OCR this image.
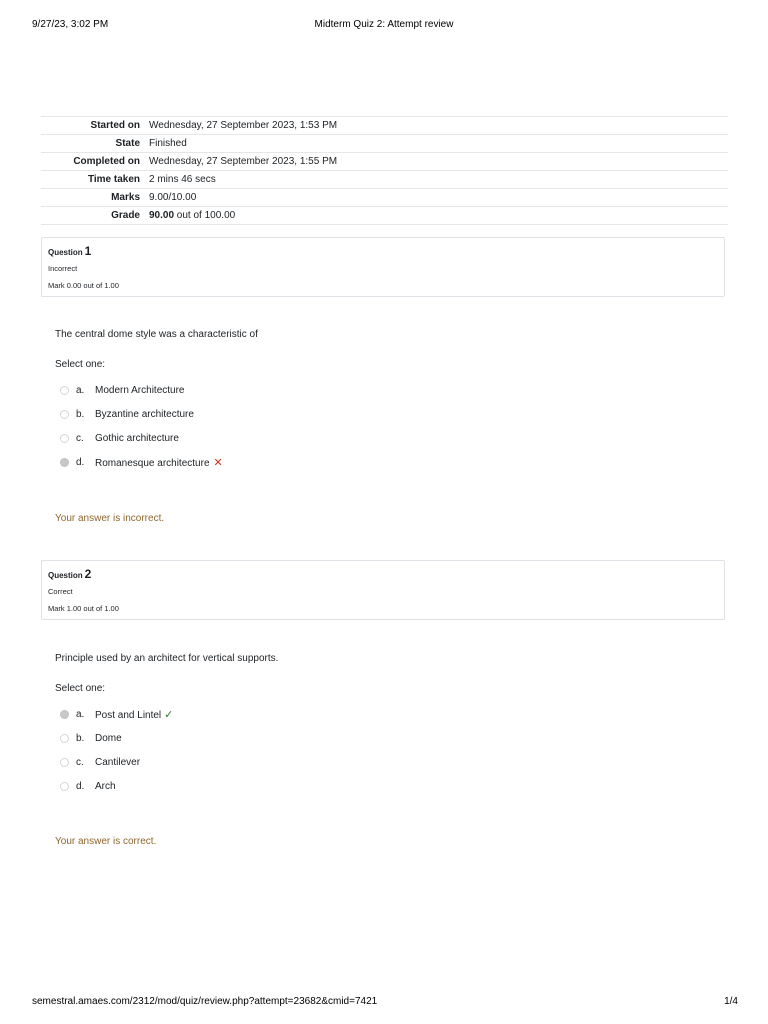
9/27/23, 3:02 PM	Midterm Quiz 2: Attempt review
Started on	Wednesday, 27 September 2023, 1:53 PM
State	Finished
Completed on	Wednesday, 27 September 2023, 1:55 PM
Time taken	2 mins 46 secs
Marks	9.00/10.00
Grade	90.00 out of 100.00
Question 1
Incorrect
Mark 0.00 out of 1.00
The central dome style was a characteristic of
Select one:
a. Modern Architecture
b. Byzantine architecture
c. Gothic architecture
d. Romanesque architecture ✕
Your answer is incorrect.
Question 2
Correct
Mark 1.00 out of 1.00
Principle used by an architect for vertical supports.
Select one:
a. Post and Lintel ✓
b. Dome
c. Cantilever
d. Arch
Your answer is correct.
semestral.amaes.com/2312/mod/quiz/review.php?attempt=23682&cmid=7421	1/4
